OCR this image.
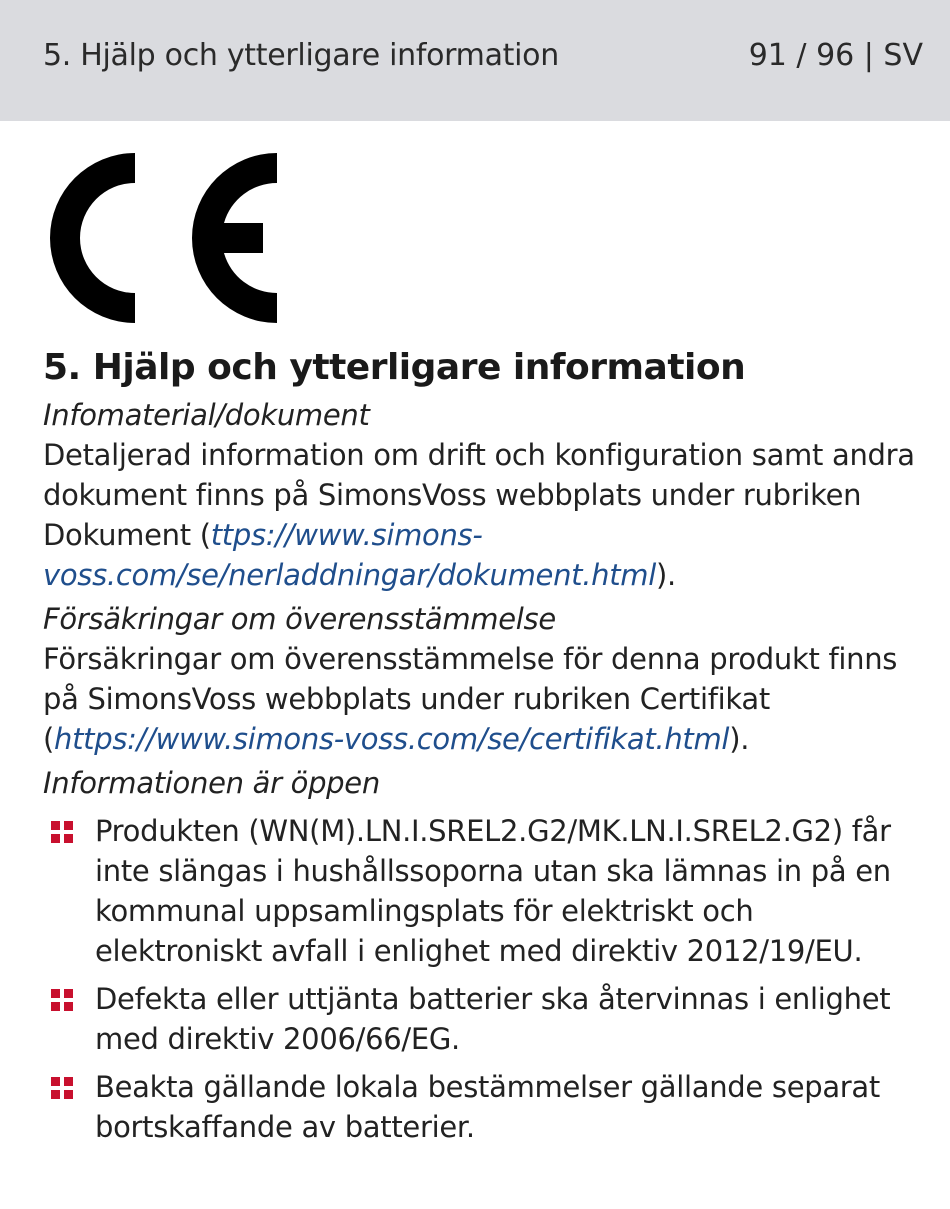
5. Hjälp och ytterligare information	91 / 96 | SV
5. Hjälp och ytterligare information
Infomaterial/dokument

Detaljerad information om drift och konfiguration samt andra dokument finns på SimonsVoss webbplats under rubriken Dokument (ttps://www.simons-voss.com/se/nerladdningar/dokument.html).

Försäkringar om överensstämmelse

Försäkringar om överensstämmelse för denna produkt finns på SimonsVoss webbplats under rubriken Certifikat (https://www.simons-voss.com/se/certifikat.html).

Informationen är öppen
Produkten (WN(M).LN.I.SREL2.G2/MK.LN.I.SREL2.G2) får inte slängas i hushållssoporna utan ska lämnas in på en kommunal uppsamlingsplats för elektriskt och elektroniskt avfall i enlighet med direktiv 2012/19/EU.
Defekta eller uttjänta batterier ska återvinnas i enlighet med direktiv 2006/66/EG.
Beakta gällande lokala bestämmelser gällande separat bortskaffande av batterier.
